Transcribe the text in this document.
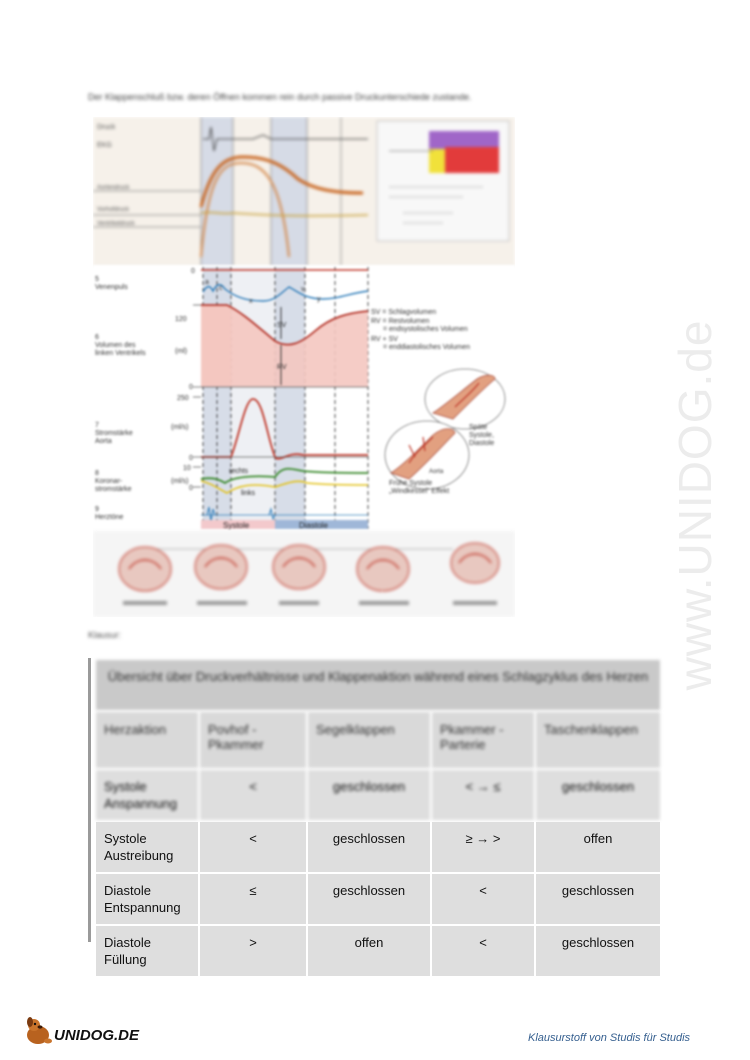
Der Klappenschluß bzw. deren Öffnen kommen rein durch passive Druckunterschiede zustande.
Druck
EKG
Aortendruck
Vorhofdruck
Ventrikeldruck
0
a
c
x
v
y
5 Venenpuls
120
0
SV
RV
6 Volumen des linken Ventrikels	(ml)
250
0
7 Stromstärke Aorta
(ml/s)
10
0
rechts
links
8 Koronar-stromstärke
(ml/s)
9 Herztöne
Systole	Diastole
SV = Schlagvolumen
RV = Restvolumen
= endsystolisches Volumen
RV + SV
= enddiastolisches Volumen
Späte Systole, Diastole
Aorta
Frühe Systole „Windkessel“ Effekt	www.UNIDOG.de
Klausur:
Übersicht über Druckverhältnisse und Klappenaktion während eines Schlagzyklus des Herzen				
Herzaktion	Povhof - Pkammer	Segelklappen	Pkammer - Parterie	Taschenklappen
Systole Anspannung	<	geschlossen	< → ≤	geschlossen
Systole Austreibung	<	geschlossen	≥ → >	offen
Diastole Entspannung	≤	geschlossen	<	geschlossen
Diastole Füllung	>	offen	<	geschlossen
UNIDOG.DE	Klausurstoff von Studis für Studis
